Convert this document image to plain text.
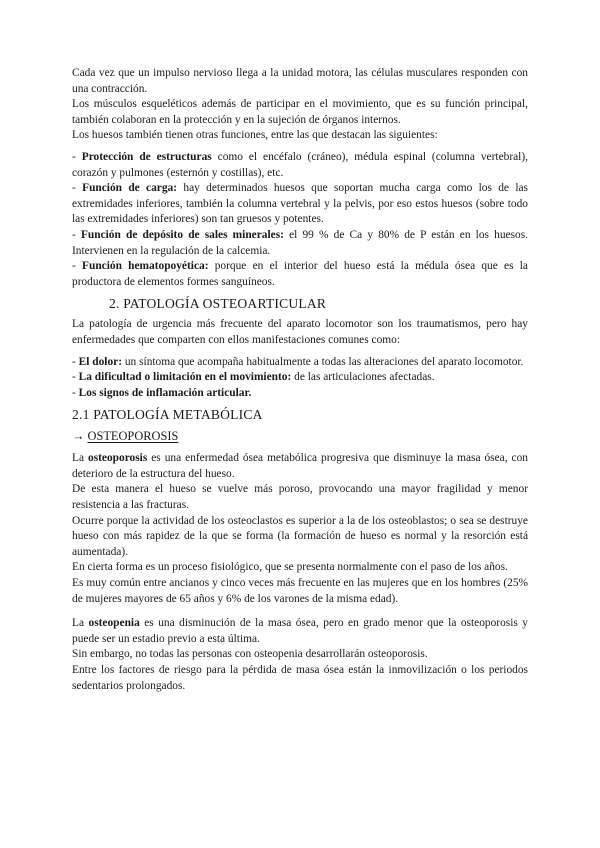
Cada vez que un impulso nervioso llega a la unidad motora, las células musculares responden con una contracción.

Los músculos esqueléticos además de participar en el movimiento, que es su función principal, también colaboran en la protección y en la sujeción de órganos internos.

Los huesos también tienen otras funciones, entre las que destacan las siguientes:

- Protección de estructuras como el encéfalo (cráneo), médula espinal (columna vertebral), corazón y pulmones (esternón y costillas), etc.

- Función de carga: hay determinados huesos que soportan mucha carga como los de las extremidades inferiores, también la columna vertebral y la pelvis, por eso estos huesos (sobre todo las extremidades inferiores) son tan gruesos y potentes.

- Función de depósito de sales minerales: el 99 % de Ca y 80% de P están en los huesos. Intervienen en la regulación de la calcemia.

- Función hematopoyética: porque en el interior del hueso está la médula ósea que es la productora de elementos formes sanguíneos.

2. PATOLOGÍA OSTEOARTICULAR

La patología de urgencia más frecuente del aparato locomotor son los traumatismos, pero hay enfermedades que comparten con ellos manifestaciones comunes como:

- El dolor: un síntoma que acompaña habitualmente a todas las alteraciones del aparato locomotor.

- La dificultad o limitación en el movimiento: de las articulaciones afectadas.

- Los signos de inflamación articular.

2.1 PATOLOGÍA METABÓLICA
→ OSTEOPOROSIS

La osteoporosis es una enfermedad ósea metabólica progresiva que disminuye la masa ósea, con deterioro de la estructura del hueso.

De esta manera el hueso se vuelve más poroso, provocando una mayor fragilidad y menor resistencia a las fracturas.

Ocurre porque la actividad de los osteoclastos es superior a la de los osteoblastos; o sea se destruye hueso con más rapidez de la que se forma (la formación de hueso es normal y la resorción está aumentada).

En cierta forma es un proceso fisiológico, que se presenta normalmente con el paso de los años.

Es muy común entre ancianos y cinco veces más frecuente en las mujeres que en los hombres (25% de mujeres mayores de 65 años y 6% de los varones de la misma edad).

La osteopenia es una disminución de la masa ósea, pero en grado menor que la osteoporosis y puede ser un estadio previo a esta última.

Sin embargo, no todas las personas con osteopenia desarrollarán osteoporosis.

Entre los factores de riesgo para la pérdida de masa ósea están la inmovilización o los periodos sedentarios prolongados.
